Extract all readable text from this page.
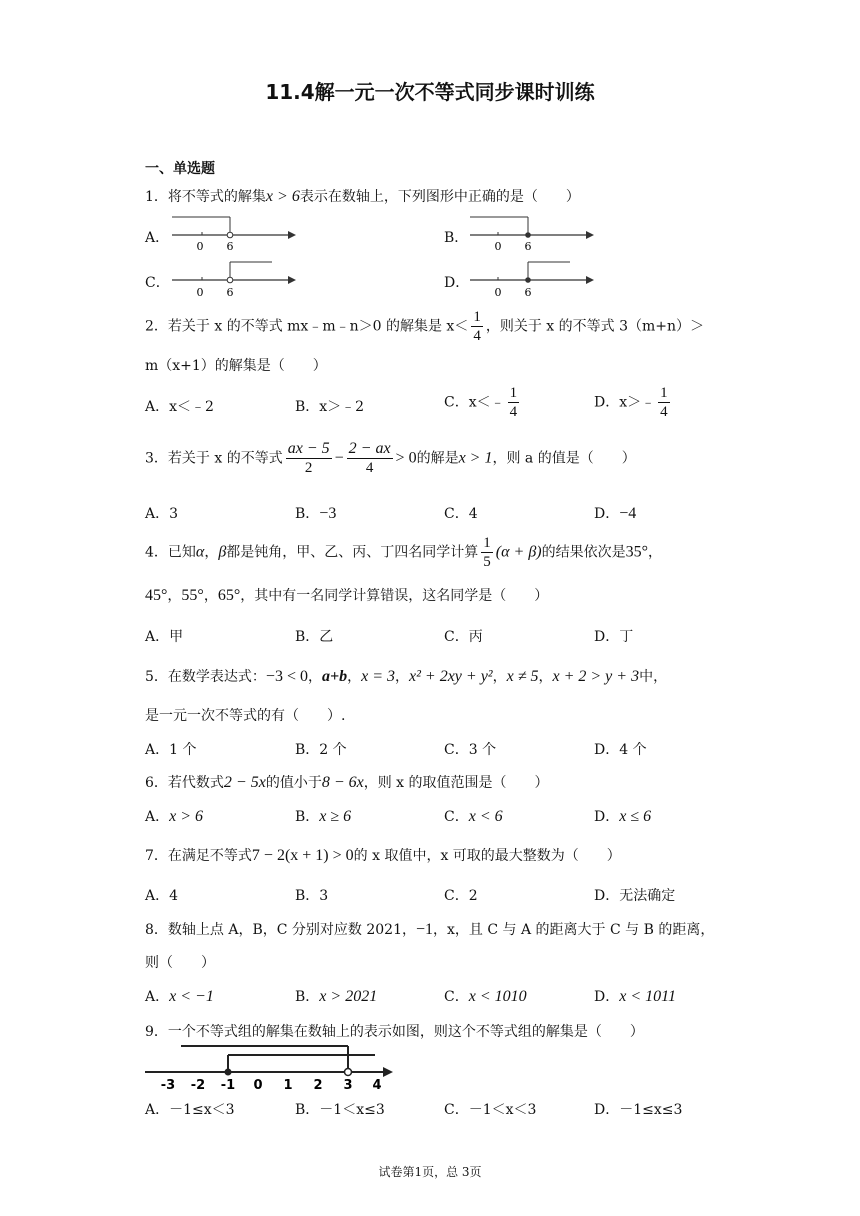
11.4解一元一次不等式同步课时训练
一、单选题
1．将不等式的解集x > 6表示在数轴上，下列图形中正确的是（　　）
A．
0 6
B．
0 6
C．
0 6
D．
0 6
2．若关于 x 的不等式 mx﹣m﹣n＞0 的解集是 $x< \frac{1}{4}$ ，则关于 x 的不等式 3（m+n）＞
m（x+1）的解集是（　　）
A．x＜﹣2	B．x＞﹣2	C．x＜﹣ $\frac{1}{4}$	D．x＞﹣ $\frac{1}{4}$
3．若关于 x 的不等式 $\frac{ax - 5}{2} - \frac{2 - ax}{4} > 0$的解是x > 1，则 a 的值是（　　）
A．3	B．−3	C．4	D．−4
4．已知α，β都是钝角，甲、乙、丙、丁四名同学计算 $\frac{1}{5} (\alpha + \beta)$的结果依次是35°，
45°，55°，65°，其中有一名同学计算错误，这名同学是（　　）
A．甲	B．乙	C．丙	D．丁
5．在数学表达式：−3 < 0，a+b，x = 3，x² + 2xy + y²，x ≠ 5，x + 2 > y + 3中，
是一元一次不等式的有（　　）.
A．1 个	B．2 个	C．3 个	D．4 个
6．若代数式2 − 5x的值小于8 − 6x，则 x 的取值范围是（　　）
A．x > 6	B．x ≥ 6	C．x < 6	D．x ≤ 6
7．在满足不等式7 − 2(x + 1) > 0的 x 取值中，x 可取的最大整数为（　　）
A．4	B．3	C．2	D．无法确定
8．数轴上点 A，B，C 分别对应数 2021，−1，x，且 C 与 A 的距离大于 C 与 B 的距离，
则（　　）
A．x < −1	B．x > 2021	C．x < 1010	D．x < 1011
9．一个不等式组的解集在数轴上的表示如图，则这个不等式组的解集是（　　）
-3 -2 -1 0 1 2 3 4
A．－1≤x＜3	B．－1＜x≤3	C．－1＜x＜3	D．－1≤x≤3
试卷第1页，总 3页
